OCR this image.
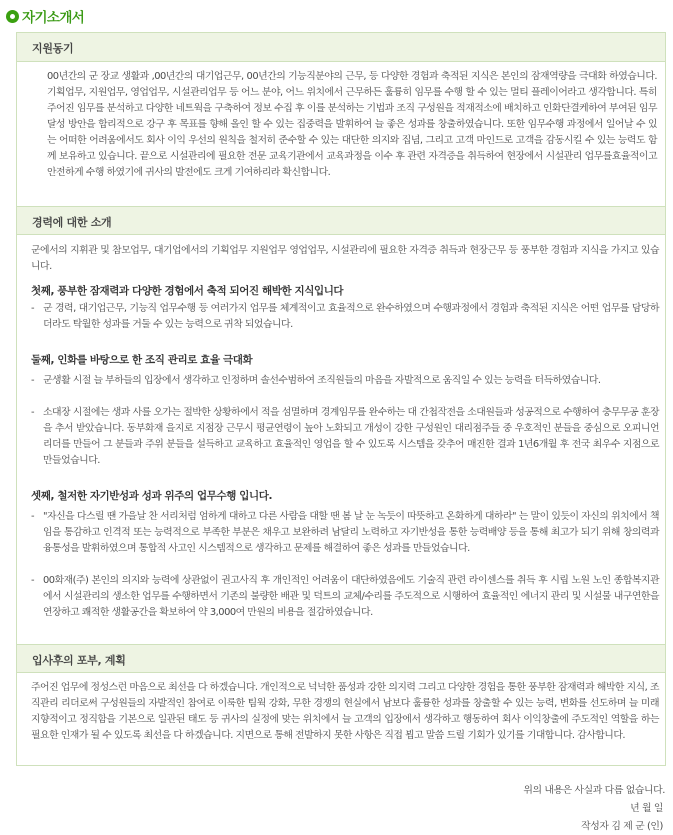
자기소개서
지원동기
00년간의 군 장교 생활과 ,00년간의 대기업근무, 00년간의 기능직분야의 근무, 등 다양한 경험과 축적된 지식은 본인의 잠재역량을 극대화 하였습니다. 기획업무, 지원업무, 영업업무, 시설관리업무 등 어느 분야, 어느 위치에서 근무하든 훌륭히 임무를 수행 할 수 있는 멀티 플레이어라고 생각합니다. 특히 주어진 임무를 분석하고 다양한 네트웍을 구축하여 정보 수집 후 이를 분석하는 기법과 조직 구성원을 적재적소에 배치하고 인화단결케하여 부여된 임무달성 방안을 합리적으로 강구 후 목표를 향해 올인 할 수 있는 집중력을 발휘하여 늘 좋은 성과를 창출하였습니다. 또한 임무수행 과정에서 일어날 수 있는 어떠한 어려움에서도 회사 이익 우선의 원칙을 철저히 준수할 수 있는 대단한 의지와 집념, 그리고 고객 마인드로 고객을 감동시킬 수 있는 능력도 함께 보유하고 있습니다. 끝으로 시설관리에 필요한 전문 교육기관에서 교육과정을 이수 후 관련 자격증을 취득하여 현장에서 시설관리 업무를효율적이고 안전하게 수행 하였기에 귀사의 발전에도 크게 기여하리라 확신합니다.
경력에 대한 소개
군에서의 지휘관 및 참모업무, 대기업에서의 기획업무 지원업무 영업업무, 시설관리에 필요한 자격증 취득과 현장근무 등 풍부한 경험과 지식을 가지고 있습니다.
첫째, 풍부한 잠재력과 다양한 경험에서 축적 되어진 해박한 지식입니다
- 군 경력, 대기업근무, 기능직 업무수행 등 여러가지 업무를 체계적이고 효율적으로 완수하였으며 수행과정에서 경험과 축적된 지식은 어떤 업무를 담당하더라도 탁월한 성과를 거둘 수 있는 능력으로 귀착 되었습니다.
둘째, 인화를 바탕으로 한 조직 관리로 효율 극대화
- 군생활 시절 늘 부하들의 입장에서 생각하고 인정하며 솔선수범하여 조직원들의 마음을 자발적으로 움직일 수 있는 능력을 터득하였습니다.
- 소대장 시절에는 생과 사를 오가는 절박한 상황하에서 적을 섬멸하며 경계임무를 완수하는 대 간첩작전을 소대원들과 성공적으로 수행하여 충무무공 훈장을 추서 받았습니다. 동부화재 을지로 지점장 근무시 평균연령이 높아 노화되고 개성이 강한 구성원인 대리점주들 중 우호적인 분들을 중심으로 오피니언 리더를 만들어 그 분들과 주위 분들을 설득하고 교육하고 효율적인 영업을 할 수 있도록 시스템을 갖추어 매진한 결과 1년6개월 후 전국 최우수 지점으로 만들었습니다.
셋째, 철저한 자기반성과 성과 위주의 업무수행 입니다.
- "자신을 다스릴 땐 가을날 찬 서리처럼 엄하게 대하고 다른 사람을 대할 땐 봄 날 눈 녹듯이 따뜻하고 온화하게 대하라" 는 말이 있듯이 자신의 위치에서 책임을 통감하고 인격적 또는 능력적으로 부족한 부분은 채우고 보완하려 남달리 노력하고 자기반성을 통한 능력배양 등을 통해 최고가 되기 위해 창의력과 융통성을 발휘하였으며 통합적 사고인 시스템적으로 생각하고 문제를 해결하여 좋은 성과를 만들었습니다.
- 00화재(주) 본인의 의지와 능력에 상관없이 권고사직 후 개인적인 어려움이 대단하였음에도 기술직 관련 라이센스를 취득 후 시립 노원 노인 종합복지관에서 시설관리의 생소한 업무를 수행하면서 기존의 불량한 배관 및 덕트의 교체/수리를 주도적으로 시행하여 효율적인 에너지 관리 및 시설물 내구연한을 연장하고 쾌적한 생활공간을 확보하여 약 3,000여 만원의 비용을 절감하였습니다.
입사후의 포부, 계획
주어진 업무에 정성스런 마음으로 최선을 다 하겠습니다. 개인적으로 넉넉한 품성과 강한 의지력 그리고 다양한 경험을 통한 풍부한 잠재력과 해박한 지식, 조직관리 리더로써 구성원들의 자발적인 참여로 이룩한 팀웍 강화, 무한 경쟁의 현실에서 남보다 훌륭한 성과를 창출할 수 있는 능력, 변화를 선도하며 늘 미래 지향적이고 정직함을 기본으로 일관된 태도 등 귀사의 실정에 맞는 위치에서 늘 고객의 입장에서 생각하고 행동하여 회사 이익창출에 주도적인 역할을 하는 필요한 인재가 될 수 있도록 최선을 다 하겠습니다. 지면으로 통해 전발하지 못한 사항은 직접 뵙고 말씀 드릴 기회가 있기를 기대합니다. 감사합니다.
위의 내용은 사실과 다름 없습니다.
년 월 일
작성자 김 제 군 (인)
